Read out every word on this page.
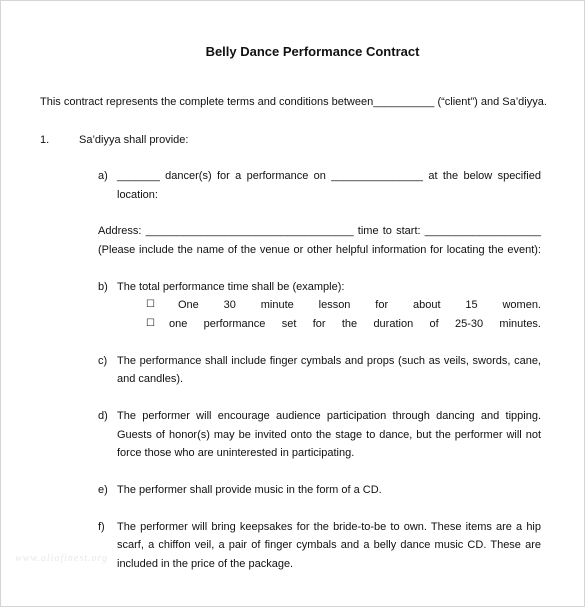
Belly Dance Performance Contract
This contract represents the complete terms and conditions between__________ (“client”) and Sa’diyya.
1.	Sa’diyya shall provide:
a) _______ dancer(s) for a performance on _______________ at the below specified
location:
Address: __________________________________ time to start: ___________________
(Please include the name of the venue or other helpful information for locating the event):
b) The total performance time shall be (example):
☐ One 30 minute lesson for about 15 women.
☐ one performance set for the duration of 25-30 minutes.
c) The performance shall include finger cymbals and props (such as veils, swords, cane,
and candles).
d) The performer will encourage audience participation through dancing and tipping.
Guests of honor(s) may be invited onto the stage to dance, but the performer will not
force those who are uninterested in participating.
e) The performer shall provide music in the form of a CD.
f) The performer will bring keepsakes for the bride-to-be to own. These items are a hip
scarf, a chiffon veil, a pair of finger cymbals and a belly dance music CD. These are
included in the price of the package.
www.aliafinest.org
